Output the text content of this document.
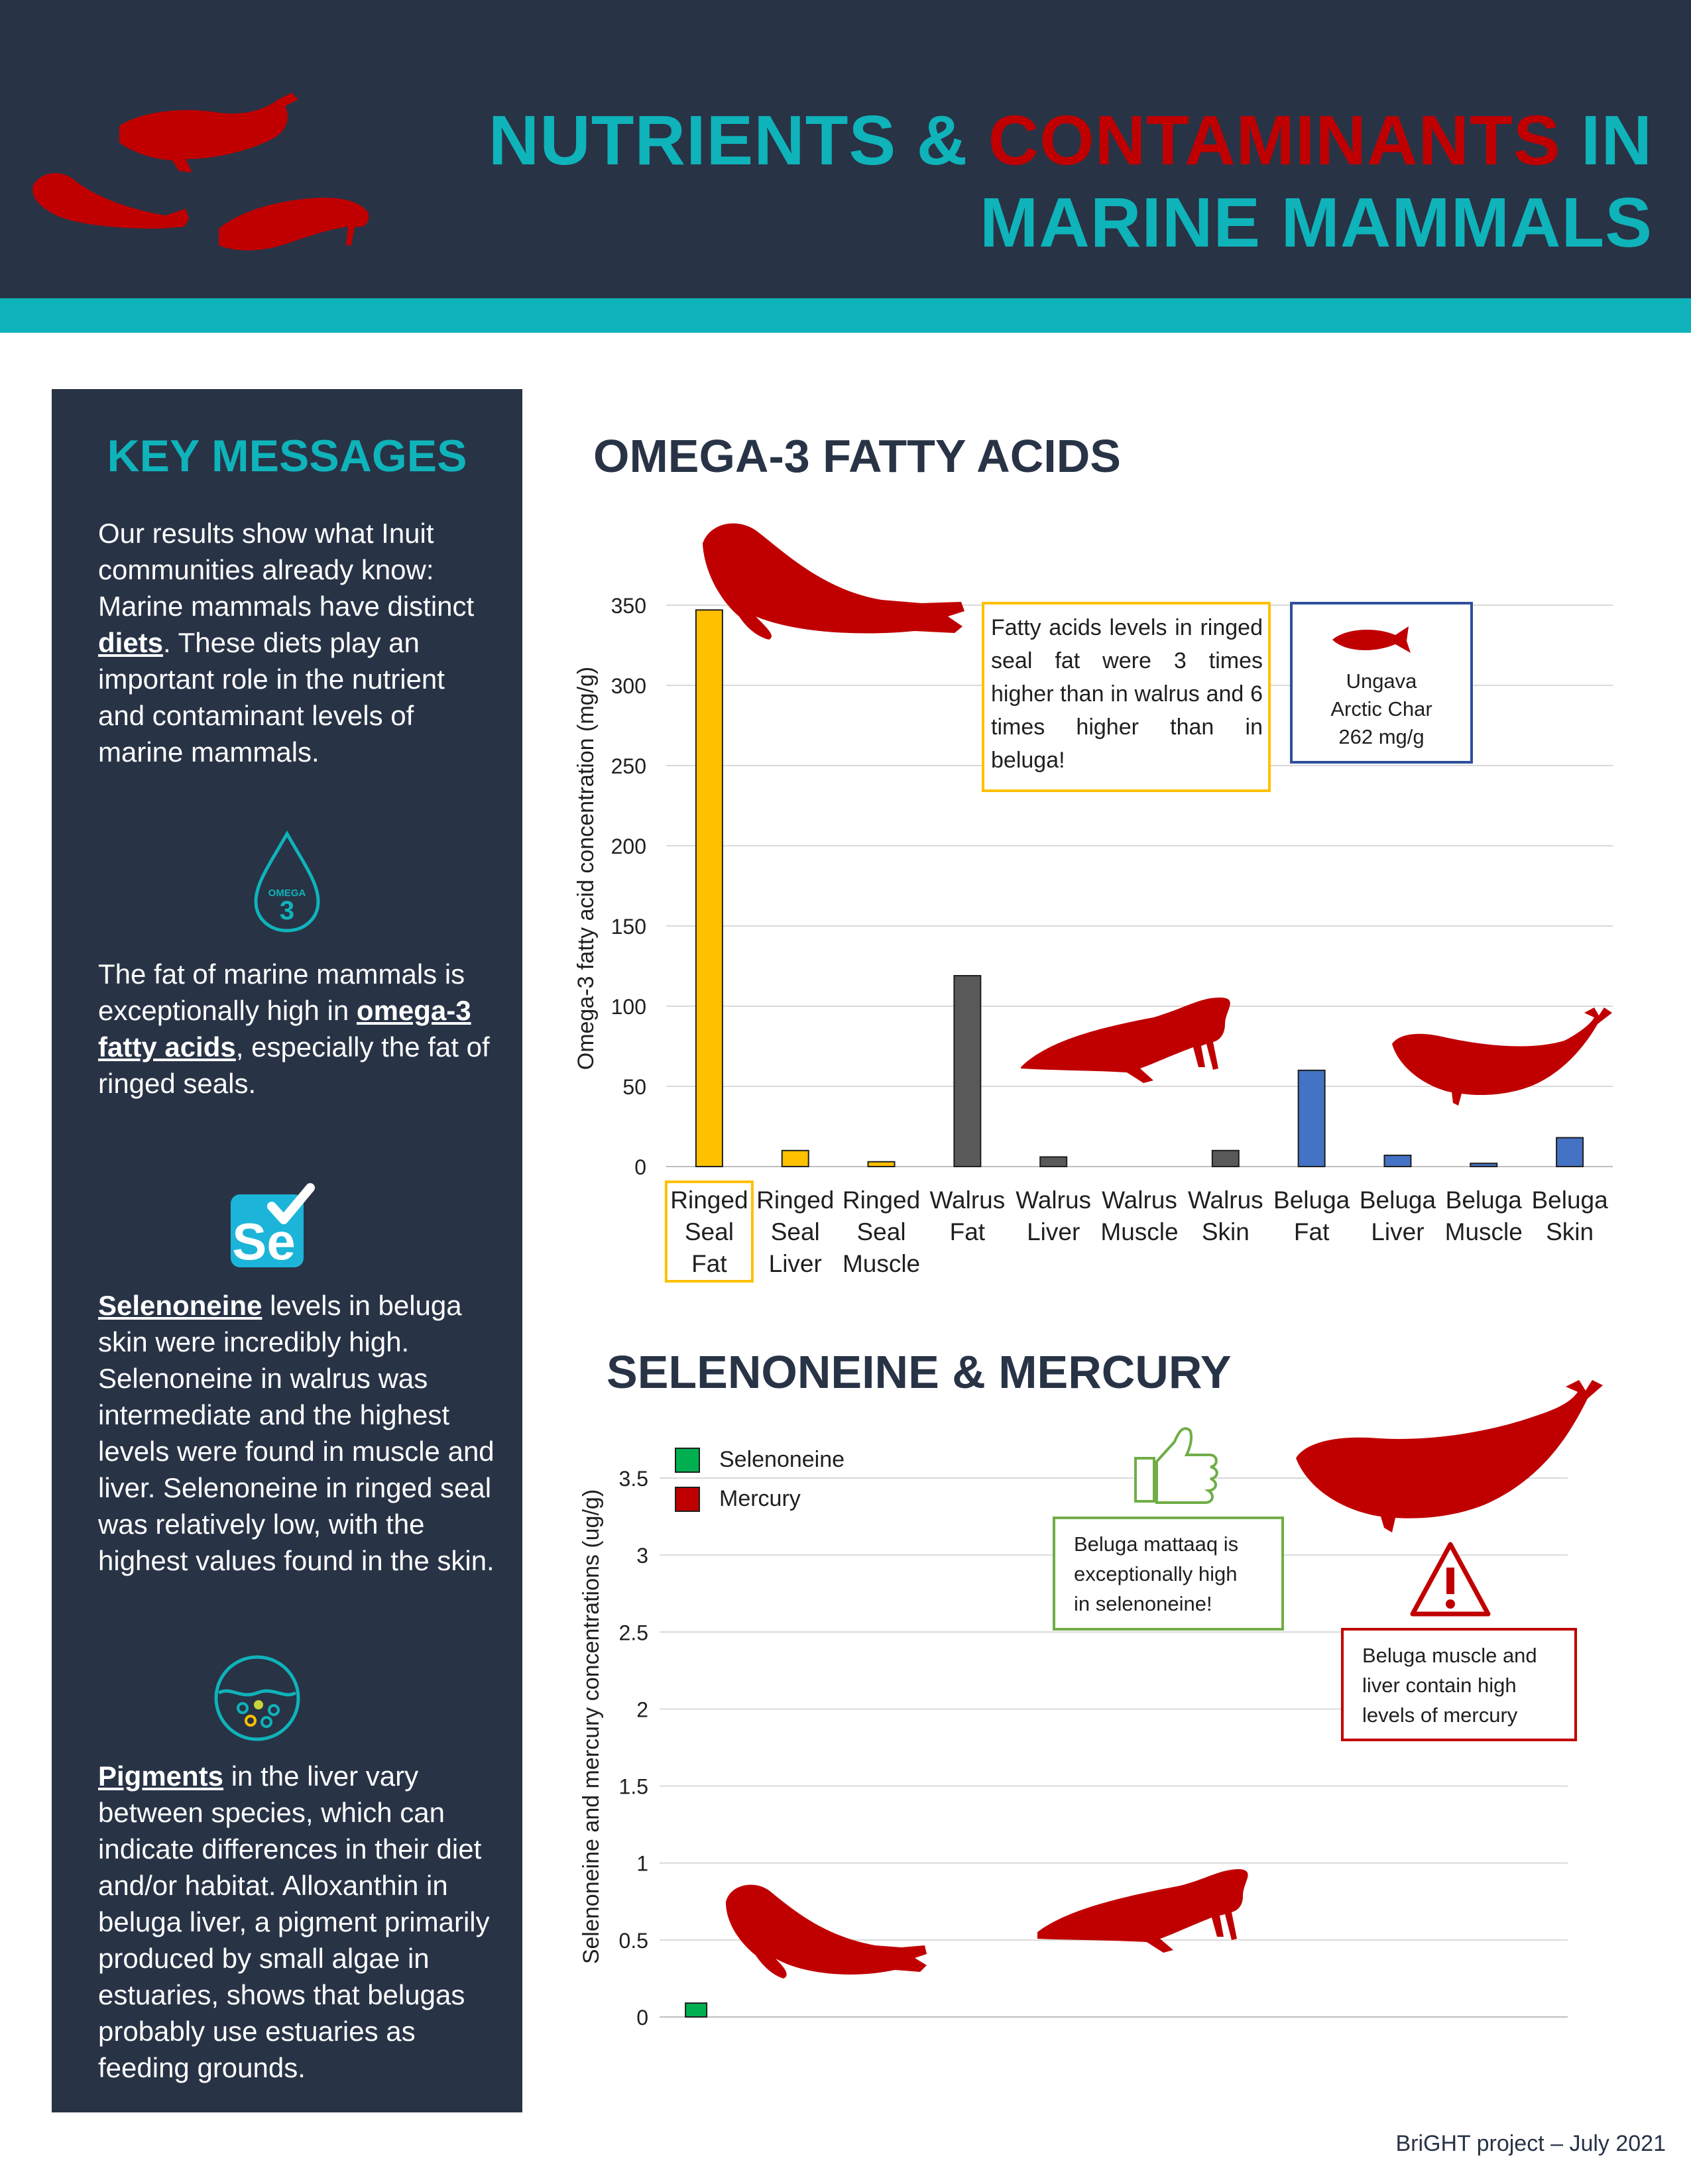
NUTRIENTS & CONTAMINANTS IN
MARINE MAMMALS
KEY MESSAGES
Our results show what Inuit communities already know: Marine mammals have distinct diets. These diets play an important role in the nutrient and contaminant levels of marine mammals.
OMEGA
3
The fat of marine mammals is exceptionally high in omega-3 fatty acids, especially the fat of ringed seals.
Se
Selenoneine levels in beluga skin were incredibly high. Selenoneine in walrus was intermediate and the highest levels were found in muscle and liver. Selenoneine in ringed seal was relatively low, with the highest values found in the skin.
Pigments in the liver vary between species, which can indicate differences in their diet and/or habitat. Alloxanthin in beluga liver, a pigment primarily produced by small algae in estuaries, shows that belugas probably use estuaries as feeding grounds.
OMEGA-3 FATTY ACIDS
SELENONEINE & MERCURY
0
50
100
150
200
250
300
350
Ringed Seal Fat
Ringed Seal Liver
Ringed Seal Muscle
Walrus Fat
Walrus Liver
Walrus Muscle
Walrus Skin
Beluga Fat
Beluga Liver
Beluga Muscle
Beluga Skin
Omega-3 fatty acid concentration (mg/g)
Fatty acids levels in ringed seal fat were 3 times higher than in walrus and 6 times higher than in beluga!
Ungava
Arctic Char
262 mg/g
0
0.5
1
1.5
2
2.5
3
3.5
Selenoneine and mercury concentrations (ug/g)
Selenoneine
Mercury
Beluga mattaaq is
exceptionally high
in selenoneine!
Beluga muscle and
liver contain high
levels of mercury
BriGHT project – July 2021
